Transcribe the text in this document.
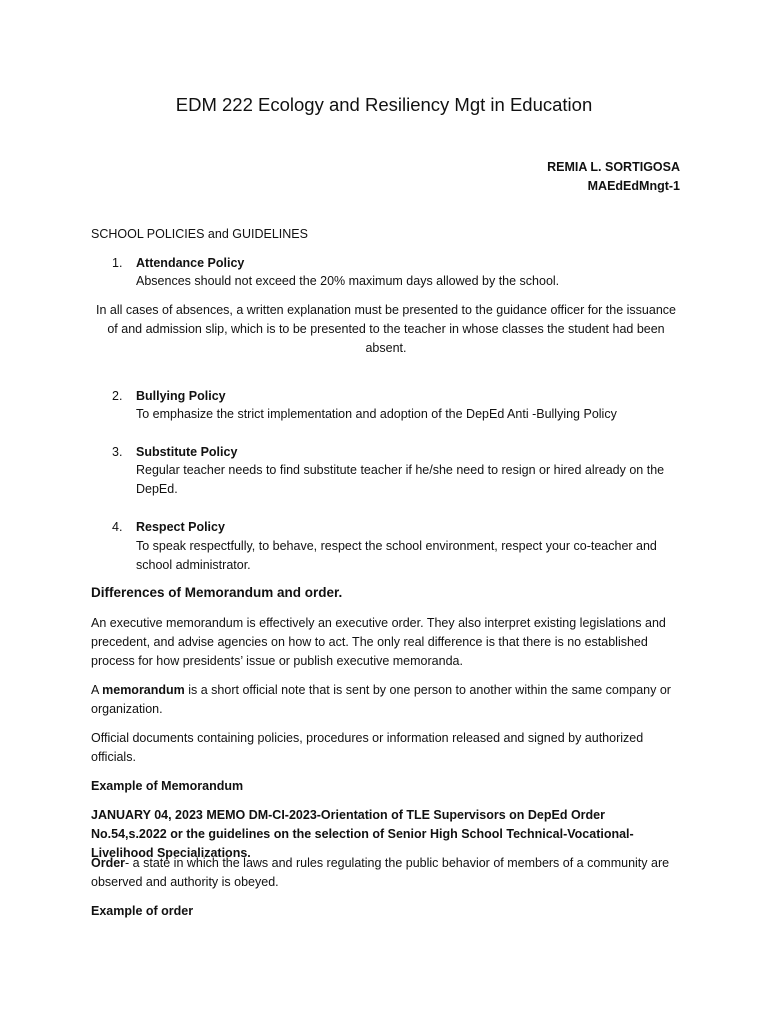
EDM 222 Ecology and Resiliency Mgt in Education
REMIA L. SORTIGOSA
MAEdEdMngt-1
SCHOOL POLICIES and GUIDELINES
1. Attendance Policy
Absences should not exceed the 20% maximum days allowed by the school.
In all cases of absences, a written explanation must be presented to the guidance officer for the issuance of and admission slip, which is to be presented to the teacher in whose classes the student had been absent.
2. Bullying Policy
To emphasize the strict implementation and adoption of the DepEd Anti -Bullying Policy
3. Substitute Policy
Regular teacher needs to find substitute teacher if he/she need to resign or hired already on the DepEd.
4. Respect Policy
To speak respectfully, to behave, respect the school environment, respect your co-teacher and school administrator.
Differences of Memorandum and order.
An executive memorandum is effectively an executive order. They also interpret existing legislations and precedent, and advise agencies on how to act. The only real difference is that there is no established process for how presidents’ issue or publish executive memoranda.
A memorandum is a short official note that is sent by one person to another within the same company or organization.
Official documents containing policies, procedures or information released and signed by authorized officials.
Example of Memorandum
JANUARY 04, 2023 MEMO DM-CI-2023-Orientation of TLE Supervisors on DepEd Order No.54,s.2022 or the guidelines on the selection of Senior High School Technical-Vocational-Livelihood Specializations.
Order- a state in which the laws and rules regulating the public behavior of members of a community are observed and authority is obeyed.
Example of order
